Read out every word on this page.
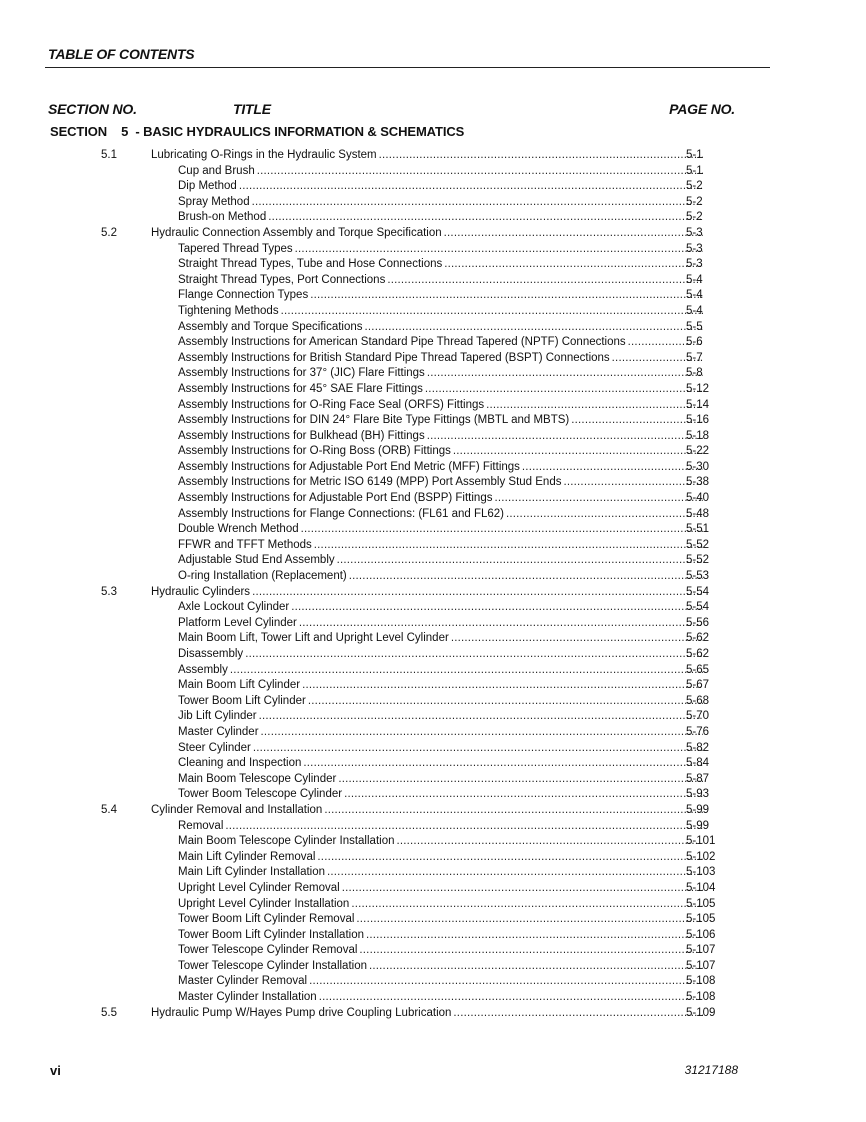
TABLE OF CONTENTS
SECTION NO.	TITLE	PAGE NO.
SECTION 5 - BASIC HYDRAULICS INFORMATION & SCHEMATICS
5.1	Lubricating O-Rings in the Hydraulic System . . .	5-1
Cup and Brush . . .	5-1
Dip Method . . .	5-2
Spray Method . . .	5-2
Brush-on Method . . .	5-2
5.2	Hydraulic Connection Assembly and Torque Specification . . .	5-3
Tapered Thread Types . . .	5-3
Straight Thread Types, Tube and Hose Connections . . .	5-3
Straight Thread Types, Port Connections . . .	5-4
Flange Connection Types . . .	5-4
Tightening Methods . . .	5-4
Assembly and Torque Specifications . . .	5-5
Assembly Instructions for American Standard Pipe Thread Tapered (NPTF) Connections . . .	5-6
Assembly Instructions for British Standard Pipe Thread Tapered (BSPT) Connections . . .	5-7
Assembly Instructions for 37° (JIC) Flare Fittings . . .	5-8
Assembly Instructions for 45° SAE Flare Fittings . . .	5-12
Assembly Instructions for O-Ring Face Seal (ORFS) Fittings . . .	5-14
Assembly Instructions for DIN 24° Flare Bite Type Fittings (MBTL and MBTS) . . .	5-16
Assembly Instructions for Bulkhead (BH) Fittings . . .	5-18
Assembly Instructions for O-Ring Boss (ORB) Fittings . . .	5-22
Assembly Instructions for Adjustable Port End Metric (MFF) Fittings . . .	5-30
Assembly Instructions for Metric ISO 6149 (MPP) Port Assembly Stud Ends . . .	5-38
Assembly Instructions for Adjustable Port End (BSPP) Fittings . . .	5-40
Assembly Instructions for Flange Connections: (FL61 and FL62) . . .	5-48
Double Wrench Method . . .	5-51
FFWR and TFFT Methods . . .	5-52
Adjustable Stud End Assembly . . .	5-52
O-ring Installation (Replacement) . . .	5-53
5.3	Hydraulic Cylinders . . .	5-54
Axle Lockout Cylinder . . .	5-54
Platform Level Cylinder . . .	5-56
Main Boom Lift, Tower Lift and Upright Level Cylinder . . .	5-62
Disassembly . . .	5-62
Assembly . . .	5-65
Main Boom Lift Cylinder . . .	5-67
Tower Boom Lift Cylinder . . .	5-68
Jib Lift Cylinder . . .	5-70
Master Cylinder . . .	5-76
Steer Cylinder . . .	5-82
Cleaning and Inspection . . .	5-84
Main Boom Telescope Cylinder . . .	5-87
Tower Boom Telescope Cylinder . . .	5-93
5.4	Cylinder Removal and Installation . . .	5-99
Removal . . .	5-99
Main Boom Telescope Cylinder Installation . . .	5-101
Main Lift Cylinder Removal . . .	5-102
Main Lift Cylinder Installation . . .	5-103
Upright Level Cylinder Removal . . .	5-104
Upright Level Cylinder Installation . . .	5-105
Tower Boom Lift Cylinder Removal . . .	5-105
Tower Boom Lift Cylinder Installation . . .	5-106
Tower Telescope Cylinder Removal . . .	5-107
Tower Telescope Cylinder Installation . . .	5-107
Master Cylinder Removal . . .	5-108
Master Cylinder Installation . . .	5-108
5.5	Hydraulic Pump W/Hayes Pump drive Coupling Lubrication . . .	5-109
vi	31217188
